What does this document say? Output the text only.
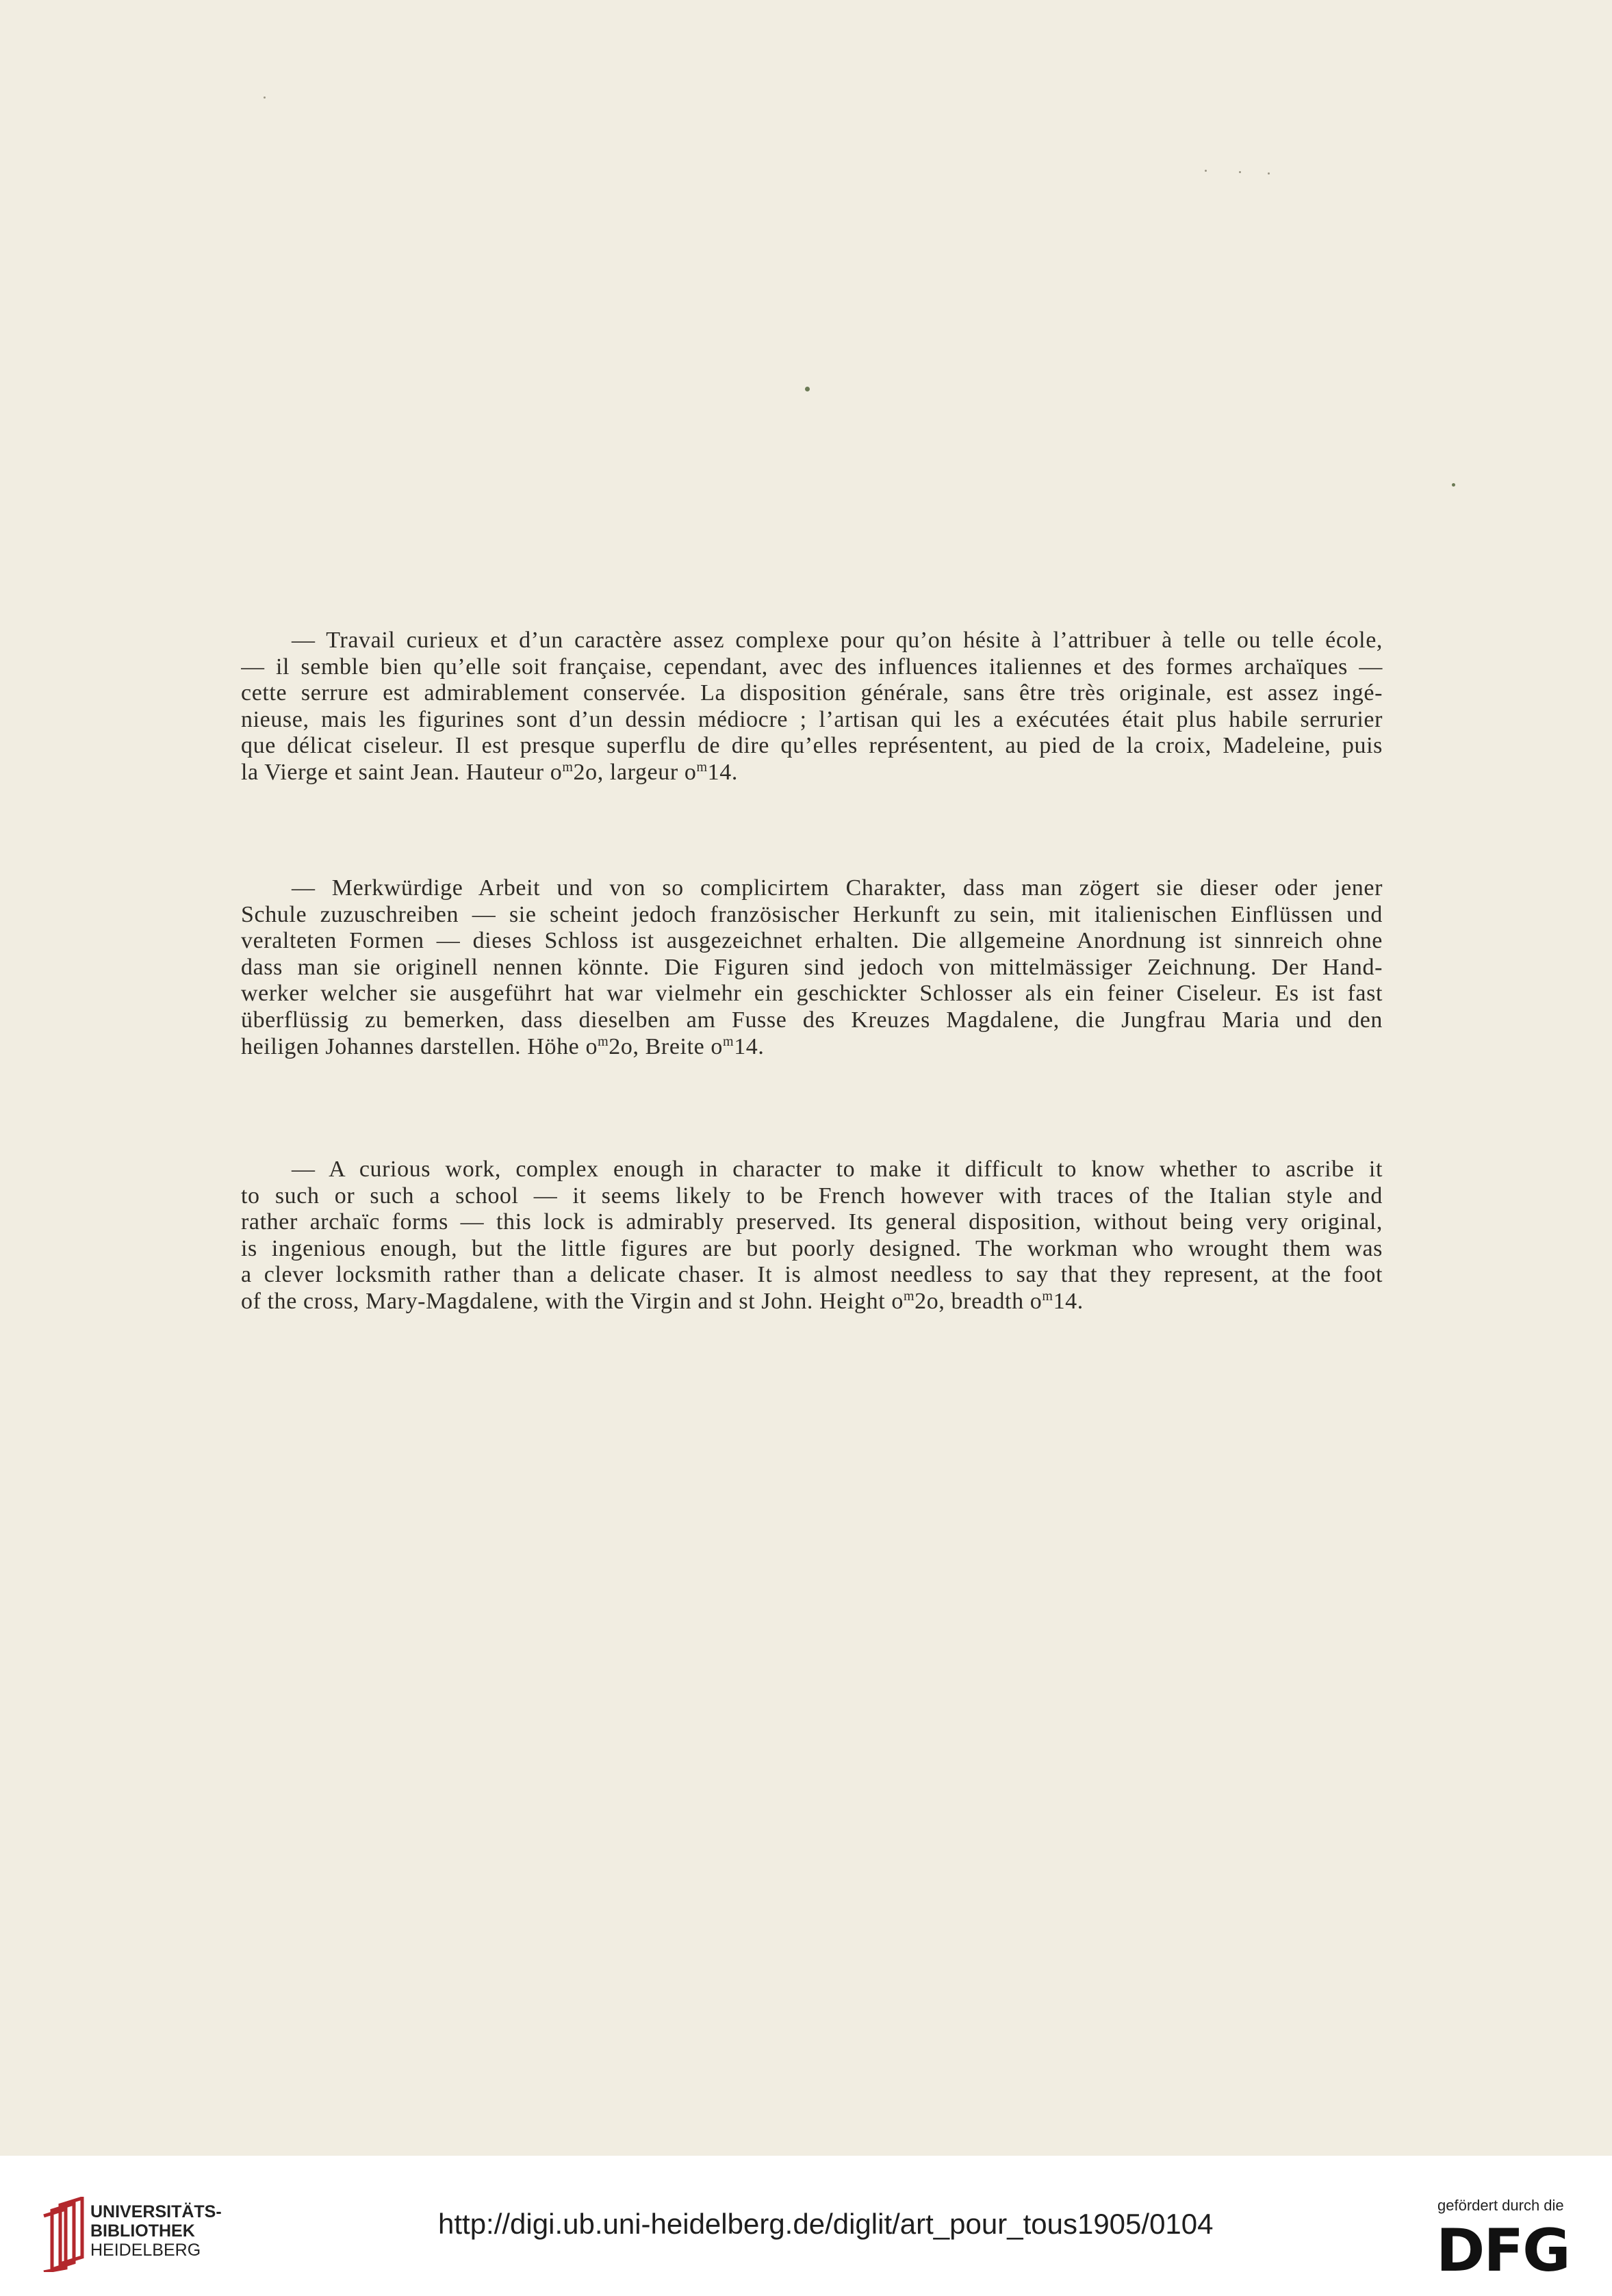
— Travail curieux et d’un caractère assez complexe pour qu’on hésite à l’attribuer à telle ou telle école,
— il semble bien qu’elle soit française, cependant, avec des influences italiennes et des formes archaïques —
cette serrure est admirablement conservée. La disposition générale, sans être très originale, est assez ingé-
nieuse, mais les figurines sont d’un dessin médiocre ; l’artisan qui les a exécutées était plus habile serrurier
que délicat ciseleur. Il est presque superflu de dire qu’elles représentent, au pied de la croix, Madeleine, puis
la Vierge et saint Jean. Hauteur $o^m2o$, largeur $o^m14$.

— Merkwürdige Arbeit und von so complicirtem Charakter, dass man zögert sie dieser oder jener
Schule zuzuschreiben — sie scheint jedoch französischer Herkunft zu sein, mit italienischen Einflüssen und
veralteten Formen — dieses Schloss ist ausgezeichnet erhalten. Die allgemeine Anordnung ist sinnreich ohne
dass man sie originell nennen könnte. Die Figuren sind jedoch von mittelmässiger Zeichnung. Der Hand-
werker welcher sie ausgeführt hat war vielmehr ein geschickter Schlosser als ein feiner Ciseleur. Es ist fast
überflüssig zu bemerken, dass dieselben am Fusse des Kreuzes Magdalene, die Jungfrau Maria und den
heiligen Johannes darstellen. Höhe $o^m2o$, Breite $o^m14$.

— A curious work, complex enough in character to make it difficult to know whether to ascribe it
to such or such a school — it seems likely to be French however with traces of the Italian style and
rather archaïc forms — this lock is admirably preserved. Its general disposition, without being very original,
is ingenious enough, but the little figures are but poorly designed. The workman who wrought them was
a clever locksmith rather than a delicate chaser. It is almost needless to say that they represent, at the foot
of the cross, Mary-Magdalene, with the Virgin and st John. Height $o^m2o$, breadth $o^m14$.

UNIVERSITÄTS-
BIBLIOTHEK
HEIDELBERG
http://digi.ub.uni-heidelberg.de/diglit/art_pour_tous1905/0104
gefördert durch die
DFG
